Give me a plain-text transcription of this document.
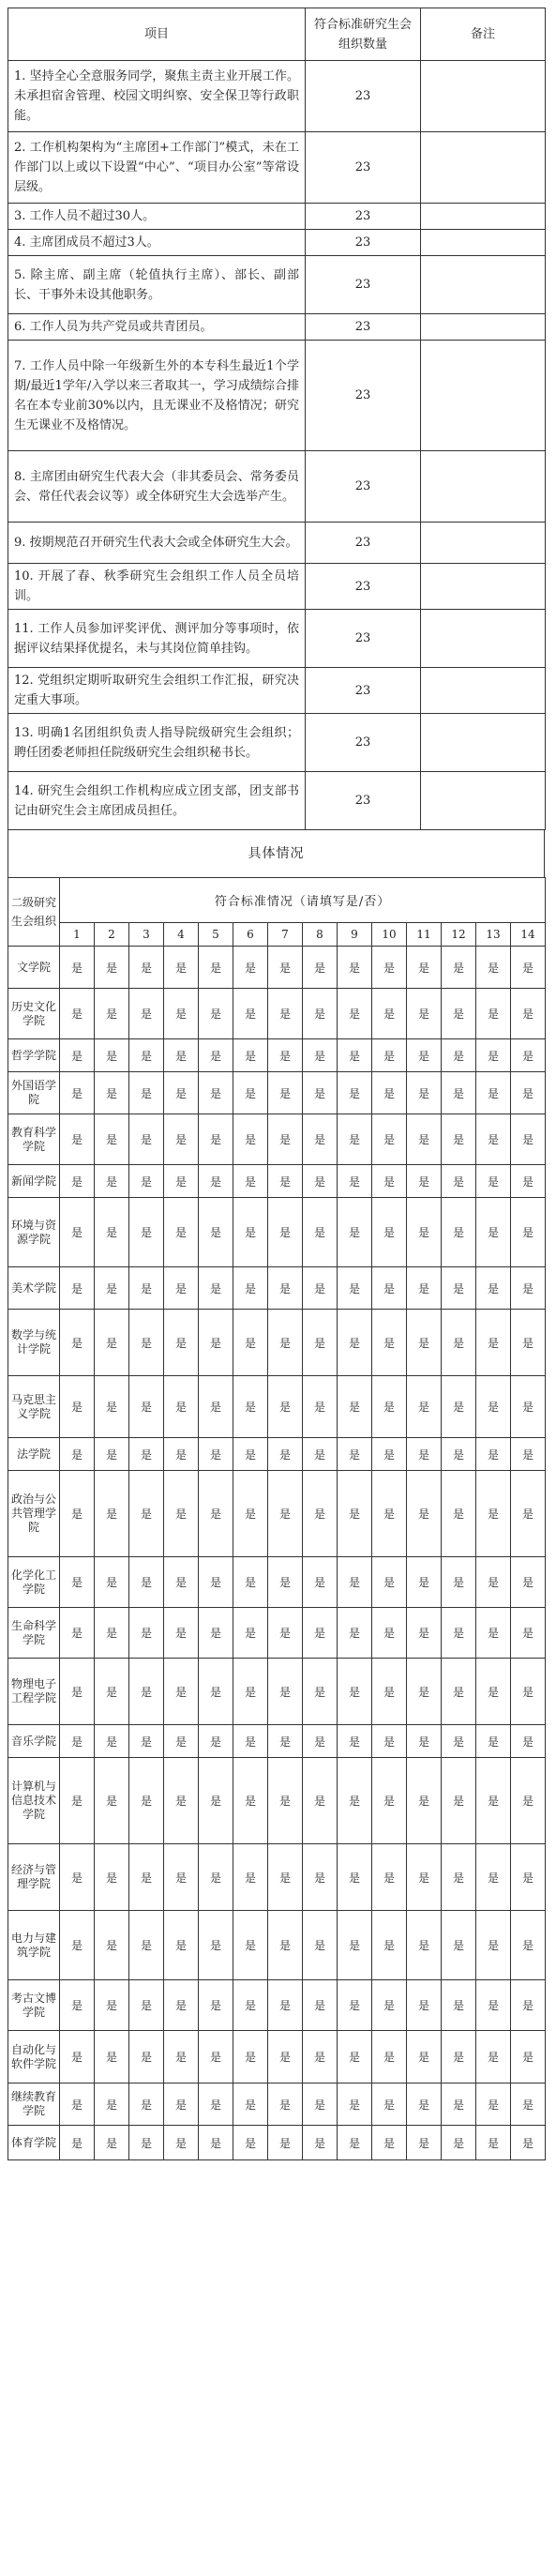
项目	符合标准研究生会组织数量	备注
1. 坚持全心全意服务同学，聚焦主责主业开展工作。未承担宿舍管理、校园文明纠察、安全保卫等行政职能。	23	
2. 工作机构架构为“主席团+工作部门”模式，未在工作部门以上或以下设置“中心”、“项目办公室”等常设层级。	23	
3. 工作人员不超过30人。	23	
4. 主席团成员不超过3人。	23	
5. 除主席、副主席（轮值执行主席）、部长、副部长、干事外未设其他职务。	23	
6. 工作人员为共产党员或共青团员。	23	
7. 工作人员中除一年级新生外的本专科生最近1个学期/最近1学年/入学以来三者取其一，学习成绩综合排名在本专业前30%以内，且无课业不及格情况；研究生无课业不及格情况。	23	
8. 主席团由研究生代表大会（非其委员会、常务委员会、常任代表会议等）或全体研究生大会选举产生。	23	
9. 按期规范召开研究生代表大会或全体研究生大会。	23	
10. 开展了春、秋季研究生会组织工作人员全员培训。	23	
11. 工作人员参加评奖评优、测评加分等事项时，依据评议结果择优提名，未与其岗位简单挂钩。	23	
12. 党组织定期听取研究生会组织工作汇报，研究决定重大事项。	23	
13. 明确1名团组织负责人指导院级研究生会组织；聘任团委老师担任院级研究生会组织秘书长。	23	
14. 研究生会组织工作机构应成立团支部，团支部书记由研究生会主席团成员担任。	23	
具体情况
二级研究生会组织	符合标准情况（请填写是/否）													
	1	2	3	4	5	6	7	8	9	10	11	12	13	14
文学院	是	是	是	是	是	是	是	是	是	是	是	是	是	是
历史文化学院	是	是	是	是	是	是	是	是	是	是	是	是	是	是
哲学学院	是	是	是	是	是	是	是	是	是	是	是	是	是	是
外国语学院	是	是	是	是	是	是	是	是	是	是	是	是	是	是
教育科学学院	是	是	是	是	是	是	是	是	是	是	是	是	是	是
新闻学院	是	是	是	是	是	是	是	是	是	是	是	是	是	是
环境与资源学院	是	是	是	是	是	是	是	是	是	是	是	是	是	是
美术学院	是	是	是	是	是	是	是	是	是	是	是	是	是	是
数学与统计学院	是	是	是	是	是	是	是	是	是	是	是	是	是	是
马克思主义学院	是	是	是	是	是	是	是	是	是	是	是	是	是	是
法学院	是	是	是	是	是	是	是	是	是	是	是	是	是	是
政治与公共管理学院	是	是	是	是	是	是	是	是	是	是	是	是	是	是
化学化工学院	是	是	是	是	是	是	是	是	是	是	是	是	是	是
生命科学学院	是	是	是	是	是	是	是	是	是	是	是	是	是	是
物理电子工程学院	是	是	是	是	是	是	是	是	是	是	是	是	是	是
音乐学院	是	是	是	是	是	是	是	是	是	是	是	是	是	是
计算机与信息技术学院	是	是	是	是	是	是	是	是	是	是	是	是	是	是
经济与管理学院	是	是	是	是	是	是	是	是	是	是	是	是	是	是
电力与建筑学院	是	是	是	是	是	是	是	是	是	是	是	是	是	是
考古文博学院	是	是	是	是	是	是	是	是	是	是	是	是	是	是
自动化与软件学院	是	是	是	是	是	是	是	是	是	是	是	是	是	是
继续教育学院	是	是	是	是	是	是	是	是	是	是	是	是	是	是
体育学院	是	是	是	是	是	是	是	是	是	是	是	是	是	是
